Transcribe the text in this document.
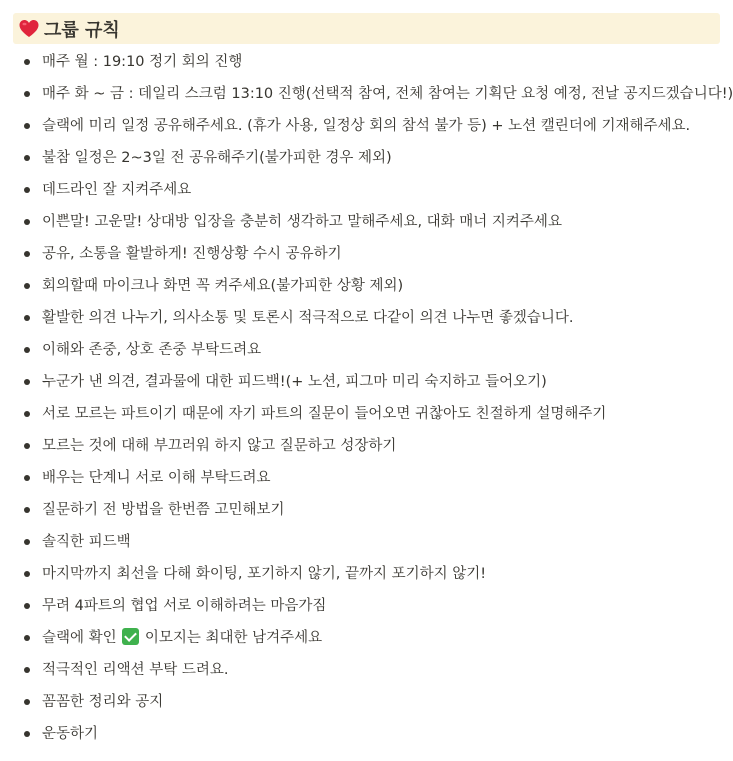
그룹 규칙
매주 월 : 19:10 정기 회의 진행
매주 화 ~ 금 : 데일리 스크럼 13:10 진행(선택적 참여, 전체 참여는 기획단 요청 예정, 전날 공지드겠습니다!)
슬랙에 미리 일정 공유해주세요. (휴가 사용, 일정상 회의 참석 불가 등) + 노션 캘린더에 기재해주세요.
불참 일정은 2~3일 전 공유해주기(불가피한 경우 제외)
데드라인 잘 지켜주세요
이쁜말! 고운말! 상대방 입장을 충분히 생각하고 말해주세요, 대화 매너 지켜주세요
공유, 소통을 활발하게! 진행상황 수시 공유하기
회의할때 마이크나 화면 꼭 켜주세요(불가피한 상황 제외)
활발한 의견 나누기, 의사소통 및 토론시 적극적으로 다같이 의견 나누면 좋겠습니다.
이해와 존중, 상호 존중 부탁드려요
누군가 낸 의견, 결과물에 대한 피드백!(+ 노션, 피그마 미리 숙지하고 들어오기)
서로 모르는 파트이기 때문에 자기 파트의 질문이 들어오면 귀찮아도 친절하게 설명해주기
모르는 것에 대해 부끄러워 하지 않고 질문하고 성장하기
배우는 단계니 서로 이해 부탁드려요
질문하기 전 방법을 한번쯤 고민해보기
솔직한 피드백
마지막까지 최선을 다해 화이팅, 포기하지 않기, 끝까지 포기하지 않기!
무려 4파트의 협업 서로 이해하려는 마음가짐
슬랙에 확인 이모지는 최대한 남겨주세요
적극적인 리액션 부탁 드려요.
꼼꼼한 정리와 공지
운동하기
